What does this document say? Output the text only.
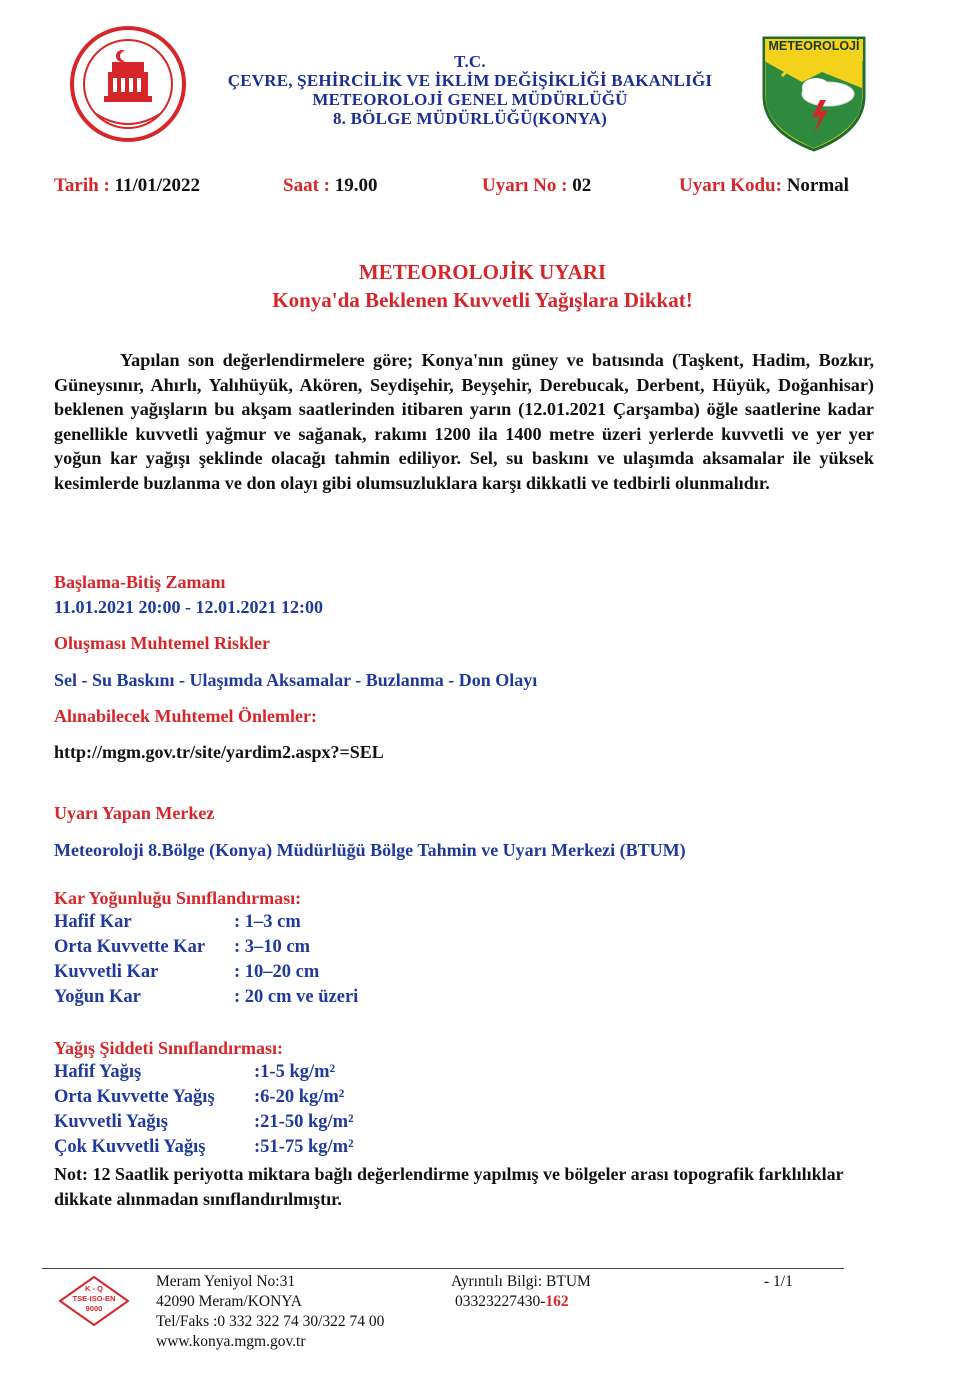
T.C.
ÇEVRE, ŞEHİRCİLİK VE İKLİM DEĞİŞİKLİĞİ BAKANLIĞI
METEOROLOJİ GENEL MÜDÜRLÜĞÜ
8. BÖLGE MÜDÜRLÜĞÜ(KONYA)
METEOROLOJİ
Tarih : 11/01/2022	Saat : 19.00	Uyarı No : 02	Uyarı Kodu: Normal
METEOROLOJİK UYARI
Konya'da Beklenen Kuvvetli Yağışlara Dikkat!
Yapılan son değerlendirmelere göre; Konya'nın güney ve batısında (Taşkent, Hadim, Bozkır, Güneysınır, Ahırlı, Yalıhüyük, Akören, Seydişehir, Beyşehir, Derebucak, Derbent, Hüyük, Doğanhisar) beklenen yağışların bu akşam saatlerinden itibaren yarın (12.01.2021 Çarşamba) öğle saatlerine kadar genellikle kuvvetli yağmur ve sağanak, rakımı 1200 ila 1400 metre üzeri yerlerde kuvvetli ve yer yer yoğun kar yağışı şeklinde olacağı tahmin ediliyor. Sel, su baskını ve ulaşımda aksamalar ile yüksek kesimlerde buzlanma ve don olayı gibi olumsuzluklara karşı dikkatli ve tedbirli olunmalıdır.
Başlama-Bitiş Zamanı
11.01.2021 20:00 - 12.01.2021 12:00
Oluşması Muhtemel Riskler
Sel - Su Baskını - Ulaşımda Aksamalar - Buzlanma - Don Olayı
Alınabilecek Muhtemel Önlemler:
http://mgm.gov.tr/site/yardim2.aspx?=SEL
Uyarı Yapan Merkez
Meteoroloji 8.Bölge (Konya) Müdürlüğü Bölge Tahmin ve Uyarı Merkezi (BTUM)
Kar Yoğunluğu Sınıflandırması:
Hafif Kar	: 1–3 cm
Orta Kuvvette Kar : 3–10 cm
Kuvvetli Kar	: 10–20 cm
Yoğun Kar	: 20 cm ve üzeri
Yağış Şiddeti Sınıflandırması:
Hafif Yağış	:1-5 kg/m²
Orta Kuvvette Yağış :6-20 kg/m²
Kuvvetli Yağış	:21-50 kg/m²
Çok Kuvvetli Yağış	:51-75 kg/m²
Not: 12 Saatlik periyotta miktara bağlı değerlendirme yapılmış ve bölgeler arası topografik farklılıklar dikkate alınmadan sınıflandırılmıştır.
K - Q
TSE-ISO-EN
9000
Meram Yeniyol No:31
42090 Meram/KONYA
Tel/Faks :0 332 322 74 30/322 74 00
www.konya.mgm.gov.tr
Ayrıntılı Bilgi: BTUM
03323227430-162
- 1/1
